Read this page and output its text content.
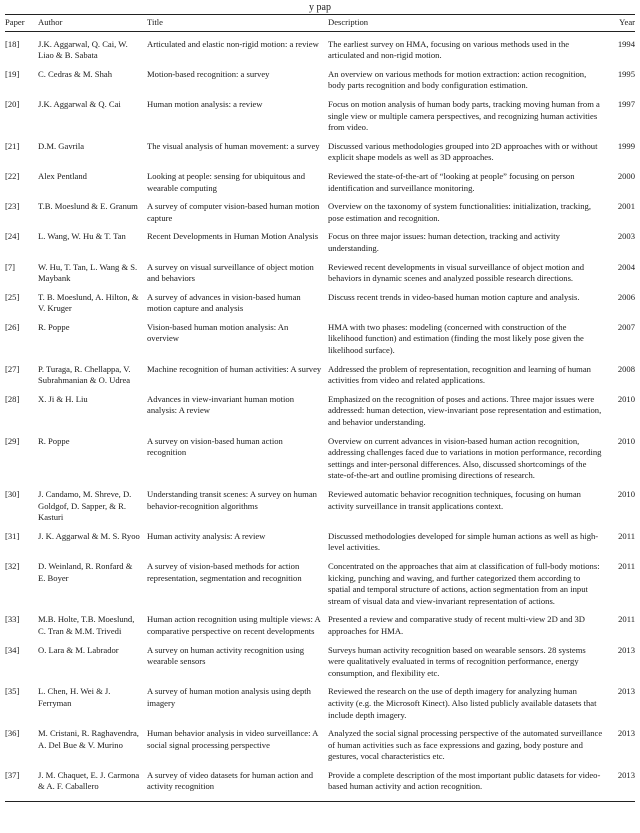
y pap
Paper	Author	Title	Description	Year
[18]	J.K. Aggarwal, Q. Cai, W. Liao & B. Sabata	Articulated and elastic non-rigid motion: a review	The earliest survey on HMA, focusing on various methods used in the articulated and non-rigid motion.	1994
[19]	C. Cedras & M. Shah	Motion-based recognition: a survey	An overview on various methods for motion extraction: action recognition, body parts recognition and body configuration estimation.	1995
[20]	J.K. Aggarwal & Q. Cai	Human motion analysis: a review	Focus on motion analysis of human body parts, tracking moving human from a single view or multiple camera perspectives, and recognizing human activities from video.	1997
[21]	D.M. Gavrila	The visual analysis of human movement: a survey	Discussed various methodologies grouped into 2D approaches with or without explicit shape models as well as 3D approaches.	1999
[22]	Alex Pentland	Looking at people: sensing for ubiquitous and wearable computing	Reviewed the state-of-the-art of “looking at people” focusing on person identification and surveillance monitoring.	2000
[23]	T.B. Moeslund & E. Granum	A survey of computer vision-based human motion capture	Overview on the taxonomy of system functionalities: initialization, tracking, pose estimation and recognition.	2001
[24]	L. Wang, W. Hu & T. Tan	Recent Developments in Human Motion Analysis	Focus on three major issues: human detection, tracking and activity understanding.	2003
[7]	W. Hu, T. Tan, L. Wang & S. Maybank	A survey on visual surveillance of object motion and behaviors	Reviewed recent developments in visual surveillance of object motion and behaviors in dynamic scenes and analyzed possible research directions.	2004
[25]	T. B. Moeslund, A. Hilton, & V. Kruger	A survey of advances in vision-based human motion capture and analysis	Discuss recent trends in video-based human motion capture and analysis.	2006
[26]	R. Poppe	Vision-based human motion analysis: An overview	HMA with two phases: modeling (concerned with construction of the likelihood function) and estimation (finding the most likely pose given the likelihood surface).	2007
[27]	P. Turaga, R. Chellappa, V. Subrahmanian & O. Udrea	Machine recognition of human activities: A survey	Addressed the problem of representation, recognition and learning of human activities from video and related applications.	2008
[28]	X. Ji & H. Liu	Advances in view-invariant human motion analysis: A review	Emphasized on the recognition of poses and actions. Three major issues were addressed: human detection, view-invariant pose representation and estimation, and behavior understanding.	2010
[29]	R. Poppe	A survey on vision-based human action recognition	Overview on current advances in vision-based human action recognition, addressing challenges faced due to variations in motion performance, recording settings and inter-personal differences. Also, discussed shortcomings of the state-of-the-art and outline promising directions of research.	2010
[30]	J. Candamo, M. Shreve, D. Goldgof, D. Sapper, & R. Kasturi	Understanding transit scenes: A survey on human behavior-recognition algorithms	Reviewed automatic behavior recognition techniques, focusing on human activity surveillance in transit applications context.	2010
[31]	J. K. Aggarwal & M. S. Ryoo	Human activity analysis: A review	Discussed methodologies developed for simple human actions as well as high-level activities.	2011
[32]	D. Weinland, R. Ronfard & E. Boyer	A survey of vision-based methods for action representation, segmentation and recognition	Concentrated on the approaches that aim at classification of full-body motions: kicking, punching and waving, and further categorized them according to spatial and temporal structure of actions, action segmentation from an input stream of visual data and view-invariant representation of actions.	2011
[33]	M.B. Holte, T.B. Moeslund, C. Tran & M.M. Trivedi	Human action recognition using multiple views: A comparative perspective on recent developments	Presented a review and comparative study of recent multi-view 2D and 3D approaches for HMA.	2011
[34]	O. Lara & M. Labrador	A survey on human activity recognition using wearable sensors	Surveys human activity recognition based on wearable sensors. 28 systems were qualitatively evaluated in terms of recognition performance, energy consumption, and flexibility etc.	2013
[35]	L. Chen, H. Wei & J. Ferryman	A survey of human motion analysis using depth imagery	Reviewed the research on the use of depth imagery for analyzing human activity (e.g. the Microsoft Kinect). Also listed publicly available datasets that include depth imagery.	2013
[36]	M. Cristani, R. Raghavendra, A. Del Bue & V. Murino	Human behavior analysis in video surveillance: A social signal processing perspective	Analyzed the social signal processing perspective of the automated surveillance of human activities such as face expressions and gazing, body posture and gestures, vocal characteristics etc.	2013
[37]	J. M. Chaquet, E. J. Carmona & A. F. Caballero	A survey of video datasets for human action and activity recognition	Provide a complete description of the most important public datasets for video-based human activity and action recognition.	2013
